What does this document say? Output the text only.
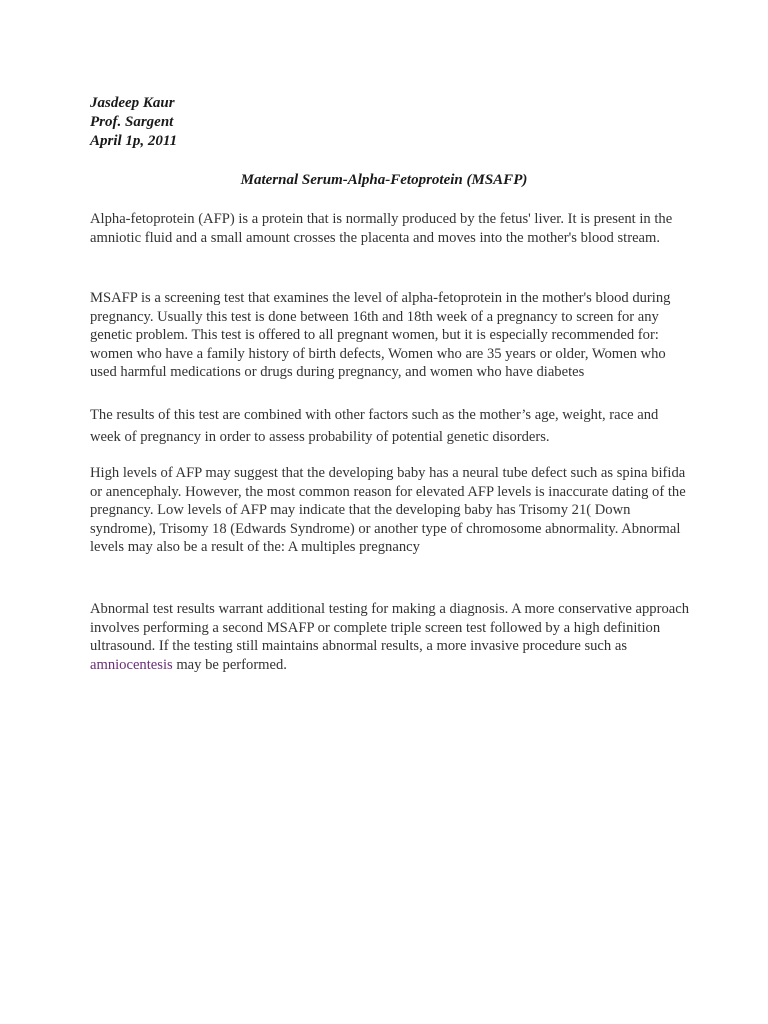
Jasdeep Kaur
Prof. Sargent
April 1p, 2011
Maternal Serum-Alpha-Fetoprotein (MSAFP)

Alpha-fetoprotein (AFP) is a protein that is normally produced by the fetus' liver. It is present in the amniotic fluid and a small amount crosses the placenta and moves into the mother's blood stream.

MSAFP is a screening test that examines the level of alpha-fetoprotein in the mother's blood during pregnancy. Usually this test is done between 16th and 18th week of a pregnancy to screen for any genetic problem. This test is offered to all pregnant women, but it is especially recommended for: women who have a family history of birth defects, Women who are 35 years or older, Women who used harmful medications or drugs during pregnancy, and women who have diabetes

The results of this test are combined with other factors such as the mother’s age, weight, race and week of pregnancy in order to assess probability of potential genetic disorders.

High levels of AFP may suggest that the developing baby has a neural tube defect such as spina bifida or anencephaly. However, the most common reason for elevated AFP levels is inaccurate dating of the pregnancy. Low levels of AFP may indicate that the developing baby has Trisomy 21( Down syndrome), Trisomy 18 (Edwards Syndrome) or another type of chromosome abnormality. Abnormal levels may also be a result of the: A multiples pregnancy

Abnormal test results warrant additional testing for making a diagnosis. A more conservative approach involves performing a second MSAFP or complete triple screen test followed by a high definition ultrasound. If the testing still maintains abnormal results, a more invasive procedure such as amniocentesis may be performed.
